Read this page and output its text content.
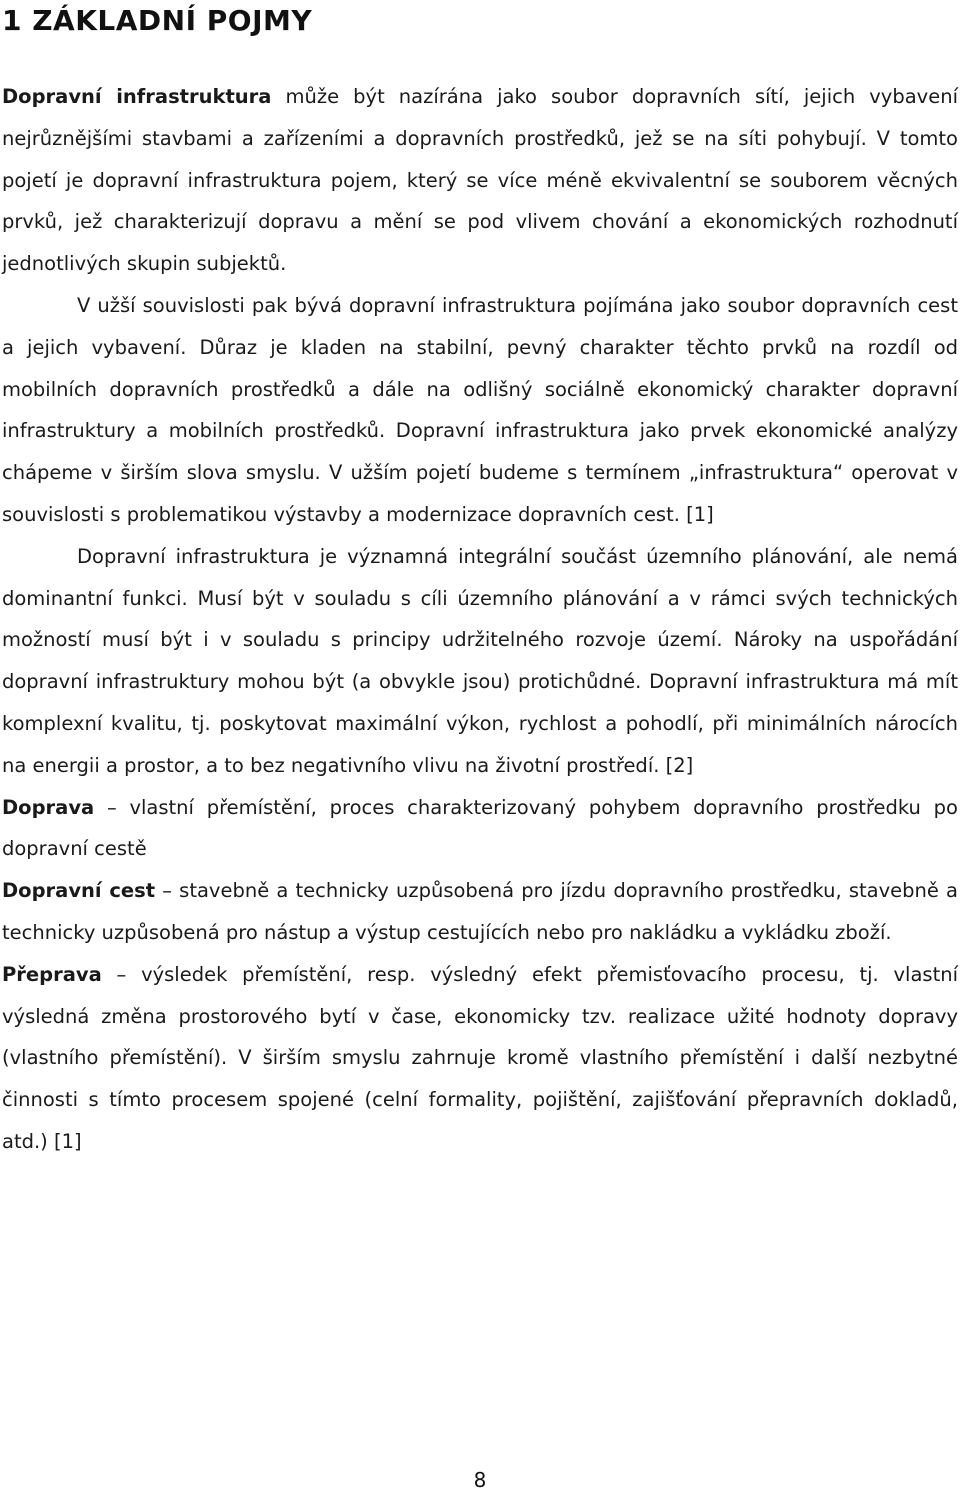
1 ZÁKLADNÍ POJMY

Dopravní infrastruktura může být nazírána jako soubor dopravních sítí, jejich vybavení nejrůznějšími stavbami a zařízeními a dopravních prostředků, jež se na síti pohybují. V tomto pojetí je dopravní infrastruktura pojem, který se více méně ekvivalentní se souborem věcných prvků, jež charakterizují dopravu a mění se pod vlivem chování a ekonomických rozhodnutí jednotlivých skupin subjektů.

V užší souvislosti pak bývá dopravní infrastruktura pojímána jako soubor dopravních cest a jejich vybavení. Důraz je kladen na stabilní, pevný charakter těchto prvků na rozdíl od mobilních dopravních prostředků a dále na odlišný sociálně ekonomický charakter dopravní infrastruktury a mobilních prostředků. Dopravní infrastruktura jako prvek ekonomické analýzy chápeme v širším slova smyslu. V užším pojetí budeme s termínem „infrastruktura“ operovat v souvislosti s problematikou výstavby a modernizace dopravních cest. [1]

Dopravní infrastruktura je významná integrální součást územního plánování, ale nemá dominantní funkci. Musí být v souladu s cíli územního plánování a v rámci svých technických možností musí být i v souladu s principy udržitelného rozvoje území. Nároky na uspořádání dopravní infrastruktury mohou být (a obvykle jsou) protichůdné. Dopravní infrastruktura má mít komplexní kvalitu, tj. poskytovat maximální výkon, rychlost a pohodlí, při minimálních nárocích na energii a prostor, a to bez negativního vlivu na životní prostředí. [2]

Doprava – vlastní přemístění, proces charakterizovaný pohybem dopravního prostředku po dopravní cestě

Dopravní cest – stavebně a technicky uzpůsobená pro jízdu dopravního prostředku, stavebně a technicky uzpůsobená pro nástup a výstup cestujících nebo pro nakládku a vykládku zboží.

Přeprava – výsledek přemístění, resp. výsledný efekt přemisťovacího procesu, tj. vlastní výsledná změna prostorového bytí v čase, ekonomicky tzv. realizace užité hodnoty dopravy (vlastního přemístění). V širším smyslu zahrnuje kromě vlastního přemístění i další nezbytné činnosti s tímto procesem spojené (celní formality, pojištění, zajišťování přepravních dokladů, atd.) [1]

8
